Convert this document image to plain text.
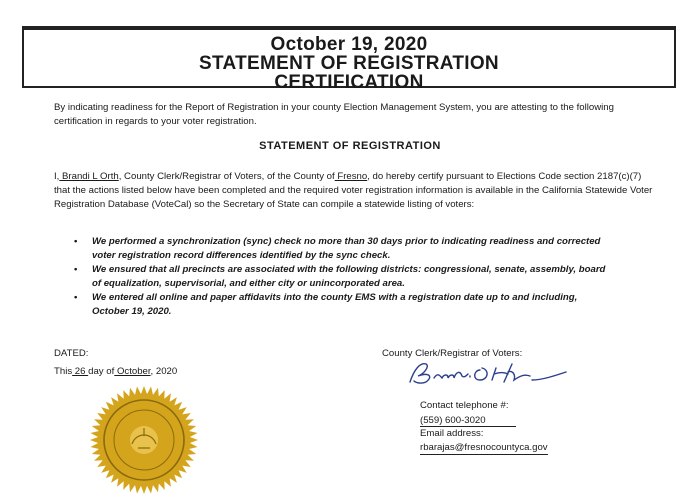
October 19, 2020
STATEMENT OF REGISTRATION
CERTIFICATION
By indicating readiness for the Report of Registration in your county Election Management System, you are attesting to the following certification in regards to your voter registration.
STATEMENT OF REGISTRATION
I, Brandi L Orth, County Clerk/Registrar of Voters, of the County of Fresno, do hereby certify pursuant to Elections Code section 2187(c)(7) that the actions listed below have been completed and the required voter registration information is available in the California Statewide Voter Registration Database (VoteCal) so the Secretary of State can compile a statewide listing of voters:
• We performed a synchronization (sync) check no more than 30 days prior to indicating readiness and corrected voter registration record differences identified by the sync check.
• We ensured that all precincts are associated with the following districts: congressional, senate, assembly, board of equalization, supervisorial, and either city or unincorporated area.
• We entered all online and paper affidavits into the county EMS with a registration date up to and including, October 19, 2020.
DATED:
This 26 day of October, 2020
County Clerk/Registrar of Voters:
Contact telephone #:
(559) 600-3020
Email address:
rbarajas@fresnocountyca.gov
